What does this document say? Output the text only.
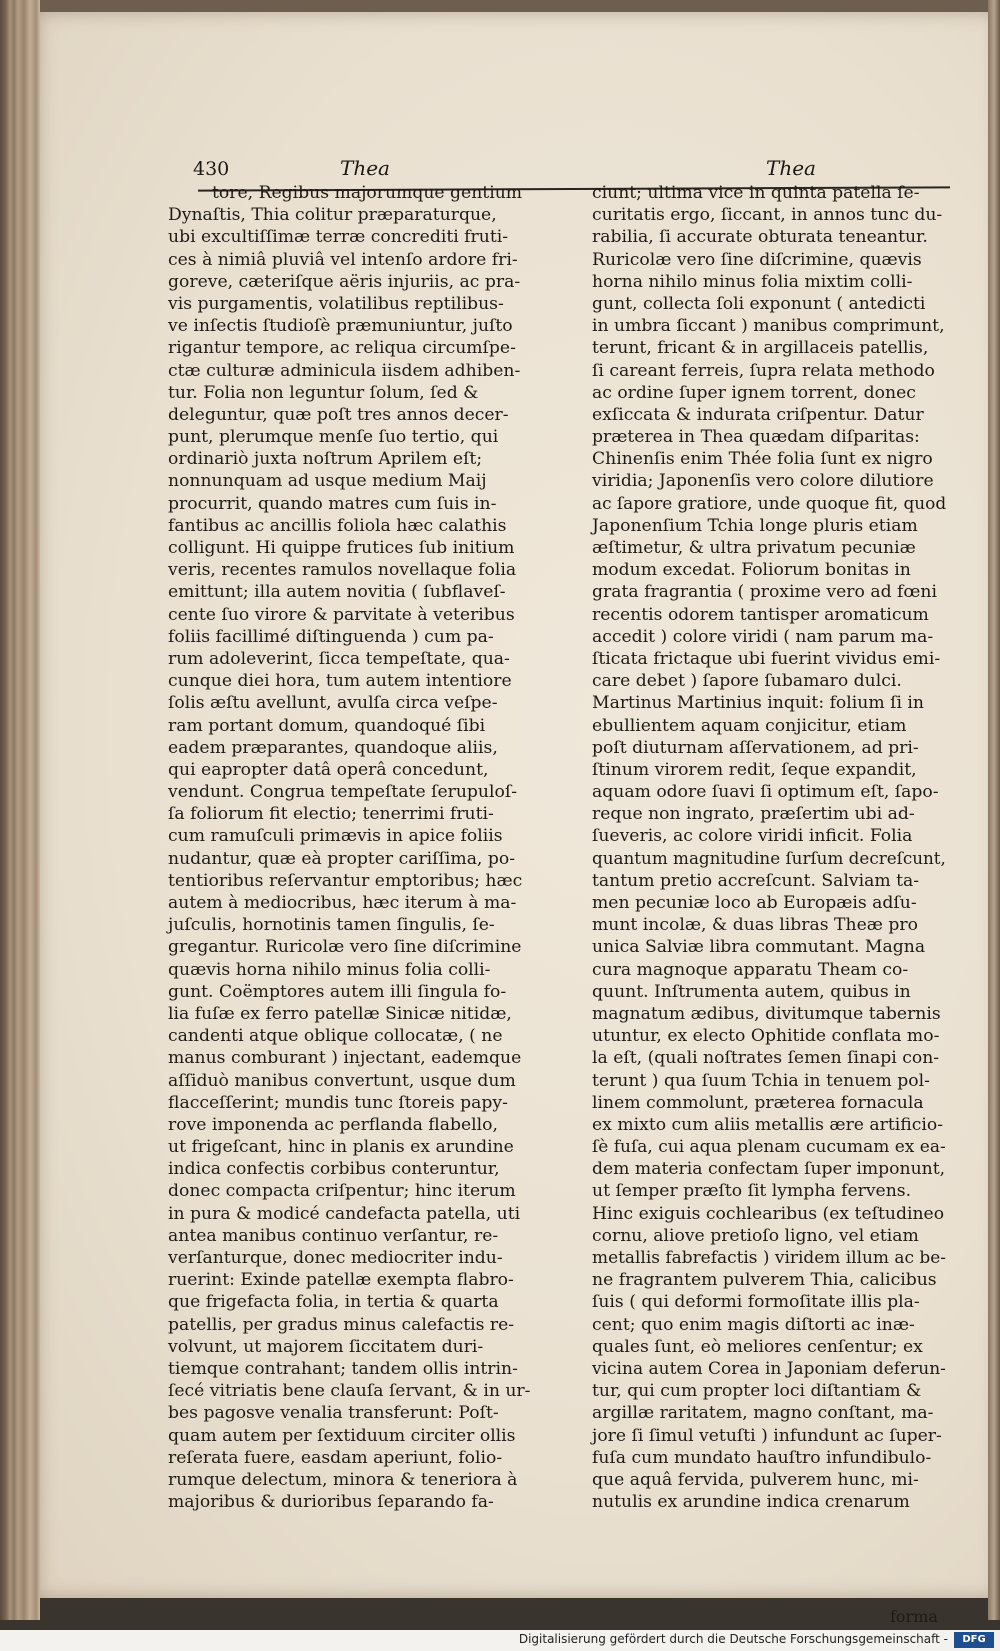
430	Thea	Thea
tore, Regibus majorumque gentium
Dynaſtis, Thia colitur præparaturque,
ubi excultiſſimæ terræ concrediti fruti-
ces à nimiâ pluviâ vel intenſo ardore fri-
goreve, cæteriſque aëris injuriis, ac pra-
vis purgamentis, volatilibus reptilibus-
ve inſectis ſtudioſè præmuniuntur, juſto
rigantur tempore, ac reliqua circumſpe-
ctæ culturæ adminicula iisdem adhiben-
tur. Folia non leguntur ſolum, ſed &
deleguntur, quæ poſt tres annos decer-
punt, plerumque menſe ſuo tertio, qui
ordinariò juxta noſtrum Aprilem eſt;
nonnunquam ad usque medium Maij
procurrit, quando matres cum ſuis in-
fantibus ac ancillis foliola hæc calathis
colligunt. Hi quippe frutices ſub initium
veris, recentes ramulos novellaque folia
emittunt; illa autem novitia ( ſubflaveſ-
cente ſuo virore & parvitate à veteribus
foliis facillimé diſtinguenda ) cum pa-
rum adoleverint, ſicca tempeſtate, qua-
cunque diei hora, tum autem intentiore
ſolis æſtu avellunt, avulſa circa veſpe-
ram portant domum, quandoqué ſibi
eadem præparantes, quandoque aliis,
qui eapropter datâ operâ concedunt,
vendunt. Congrua tempeſtate ſerupuloſ-
ſa foliorum fit electio; tenerrimi fruti-
cum ramuſculi primævis in apice foliis
nudantur, quæ eà propter cariſſima, po-
tentioribus reſervantur emptoribus; hæc
autem à mediocribus, hæc iterum à ma-
juſculis, hornotinis tamen ſingulis, ſe-
gregantur. Ruricolæ vero ſine diſcrimine
quævis horna nihilo minus folia colli-
gunt. Coëmptores autem illi ſingula fo-
lia fuſæ ex ferro patellæ Sinicæ nitidæ,
candenti atque oblique collocatæ, ( ne
manus comburant ) injectant, eademque
aſſiduò manibus convertunt, usque dum
flacceſſerint; mundis tunc ſtoreis papy-
rove imponenda ac perflanda flabello,
ut frigeſcant, hinc in planis ex arundine
indica confectis corbibus conteruntur,
donec compacta criſpentur; hinc iterum
in pura & modicé candefacta patella, uti
antea manibus continuo verſantur, re-
verſanturque, donec mediocriter indu-
ruerint: Exinde patellæ exempta flabro-
que frigefacta folia, in tertia & quarta
patellis, per gradus minus calefactis re-
volvunt, ut majorem ſiccitatem duri-
tiemque contrahant; tandem ollis intrin-
ſecé vitriatis bene clauſa ſervant, & in ur-
bes pagosve venalia transferunt: Poſt-
quam autem per ſextiduum circiter ollis
reſerata fuere, easdam aperiunt, folio-
rumque delectum, minora & teneriora à
majoribus & durioribus ſeparando fa-
ciunt; ultima vice in quinta patella ſe-
curitatis ergo, ſiccant, in annos tunc du-
rabilia, ſi accurate obturata teneantur.
Ruricolæ vero ſine diſcrimine, quævis
horna nihilo minus folia mixtim colli-
gunt, collecta ſoli exponunt ( antedicti
in umbra ſiccant ) manibus comprimunt,
terunt, fricant & in argillaceis patellis,
ſi careant ferreis, ſupra relata methodo
ac ordine ſuper ignem torrent, donec
exſiccata & indurata criſpentur. Datur
præterea in Thea quædam diſparitas:
Chinenſis enim Thée folia ſunt ex nigro
viridia; Japonenſis vero colore dilutiore
ac ſapore gratiore, unde quoque fit, quod
Japonenſium Tchia longe pluris etiam
æſtimetur, & ultra privatum pecuniæ
modum excedat. Foliorum bonitas in
grata fragrantia ( proxime vero ad fœni
recentis odorem tantisper aromaticum
accedit ) colore viridi ( nam parum ma-
ſticata frictaque ubi fuerint vividus emi-
care debet ) ſapore ſubamaro dulci.
Martinus Martinius inquit: folium ſi in
ebullientem aquam conjicitur, etiam
poſt diuturnam aſſervationem, ad pri-
ſtinum virorem redit, ſeque expandit,
aquam odore ſuavi ſi optimum eſt, ſapo-
reque non ingrato, præſertim ubi ad-
ſueveris, ac colore viridi inficit. Folia
quantum magnitudine ſurſum decreſcunt,
tantum pretio accreſcunt. Salviam ta-
men pecuniæ loco ab Europæis adſu-
munt incolæ, & duas libras Theæ pro
unica Salviæ libra commutant. Magna
cura magnoque apparatu Theam co-
quunt. Inſtrumenta autem, quibus in
magnatum ædibus, divitumque tabernis
utuntur, ex electo Ophitide conflata mo-
la eſt, (quali noſtrates ſemen ſinapi con-
terunt ) qua ſuum Tchia in tenuem pol-
linem commolunt, præterea fornacula
ex mixto cum aliis metallis ære artificio-
ſè fuſa, cui aqua plenam cucumam ex ea-
dem materia confectam ſuper imponunt,
ut ſemper præſto ſit lympha fervens.
Hinc exiguis cochlearibus (ex teſtudineo
cornu, aliove pretioſo ligno, vel etiam
metallis fabrefactis ) viridem illum ac be-
ne fragrantem pulverem Thia, calicibus
ſuis ( qui deformi formoſitate illis pla-
cent; quo enim magis diſtorti ac inæ-
quales ſunt, eò meliores cenſentur; ex
vicina autem Corea in Japoniam deferun-
tur, qui cum propter loci diſtantiam &
argillæ raritatem, magno conſtant, ma-
jore ſi ſimul vetuſti ) infundunt ac ſuper-
fuſa cum mundato hauſtro infundibulo-
que aquâ fervida, pulverem hunc, mi-
nutulis ex arundine indica crenarum
forma
Digitalisierung gefördert durch die Deutsche Forschungsgemeinschaft -	DFG
